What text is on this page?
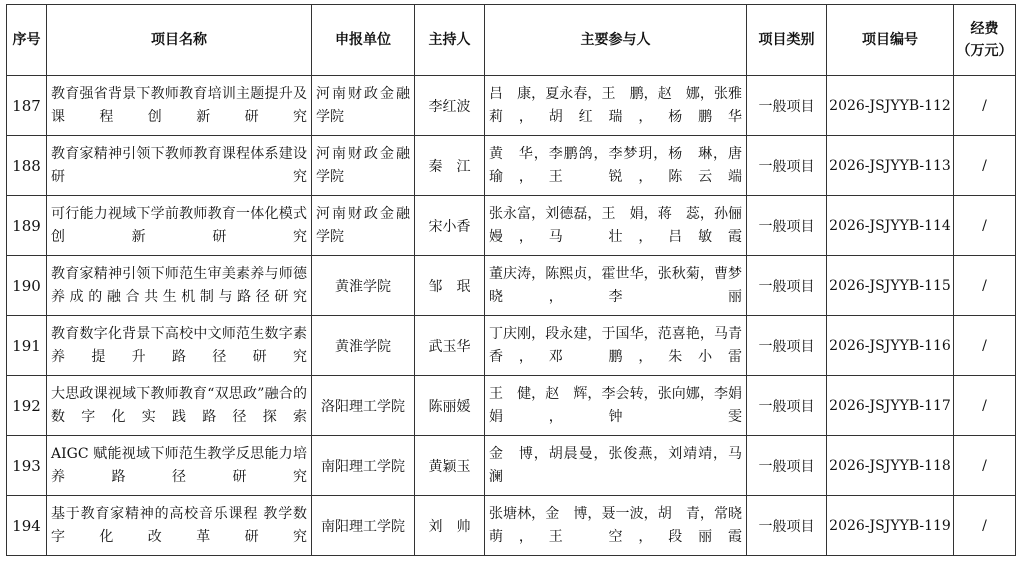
序号	项目名称	申报单位	主持人	主要参与人	项目类别	项目编号	经费
（万元）

187	教育强省背景下教师教育培训主题提升及课程创新研究	河南财政金融学院	李红波	吕　康，夏永春，王　鹏，赵　娜，张雅莉，胡红瑞，杨鹏华	一般项目	2026-JSJYYB-112	/
188	教育家精神引领下教师教育课程体系建设研究	河南财政金融学院	秦　江	黄　华，李鹏鸽，李梦玥，杨　琳，唐　瑜，王　锐，陈云端	一般项目	2026-JSJYYB-113	/
189	可行能力视域下学前教师教育一体化模式创新研究	河南财政金融学院	宋小香	张永富，刘德磊，王　娟，蒋　蕊，孙俪嫚，马　壮，吕敏霞	一般项目	2026-JSJYYB-114	/
190	教育家精神引领下师范生审美素养与师德养成的融合共生机制与路径研究	黄淮学院	邹　珉	董庆涛，陈熙贞，霍世华，张秋菊，曹梦晓，李　丽	一般项目	2026-JSJYYB-115	/
191	教育数字化背景下高校中文师范生数字素养提升路径研究	黄淮学院	武玉华	丁庆刚，段永建，于国华，范喜艳，马青香，邓　鹏，朱小雷	一般项目	2026-JSJYYB-116	/
192	大思政课视域下教师教育“双思政”融合的数字化实践路径探索	洛阳理工学院	陈丽媛	王　健，赵　辉，李会转，张向娜，李娟娟，钟　雯	一般项目	2026-JSJYYB-117	/
193	AIGC 赋能视域下师范生教学反思能力培养路径研究	南阳理工学院	黄颖玉	金　博，胡晨曼，张俊燕，刘靖靖，马　澜	一般项目	2026-JSJYYB-118	/
194	基于教育家精神的高校音乐课程 教学数字化改革研究	南阳理工学院	刘　帅	张塘林，金　博，聂一波，胡　青，常晓萌，王　空，段丽霞	一般项目	2026-JSJYYB-119	/
